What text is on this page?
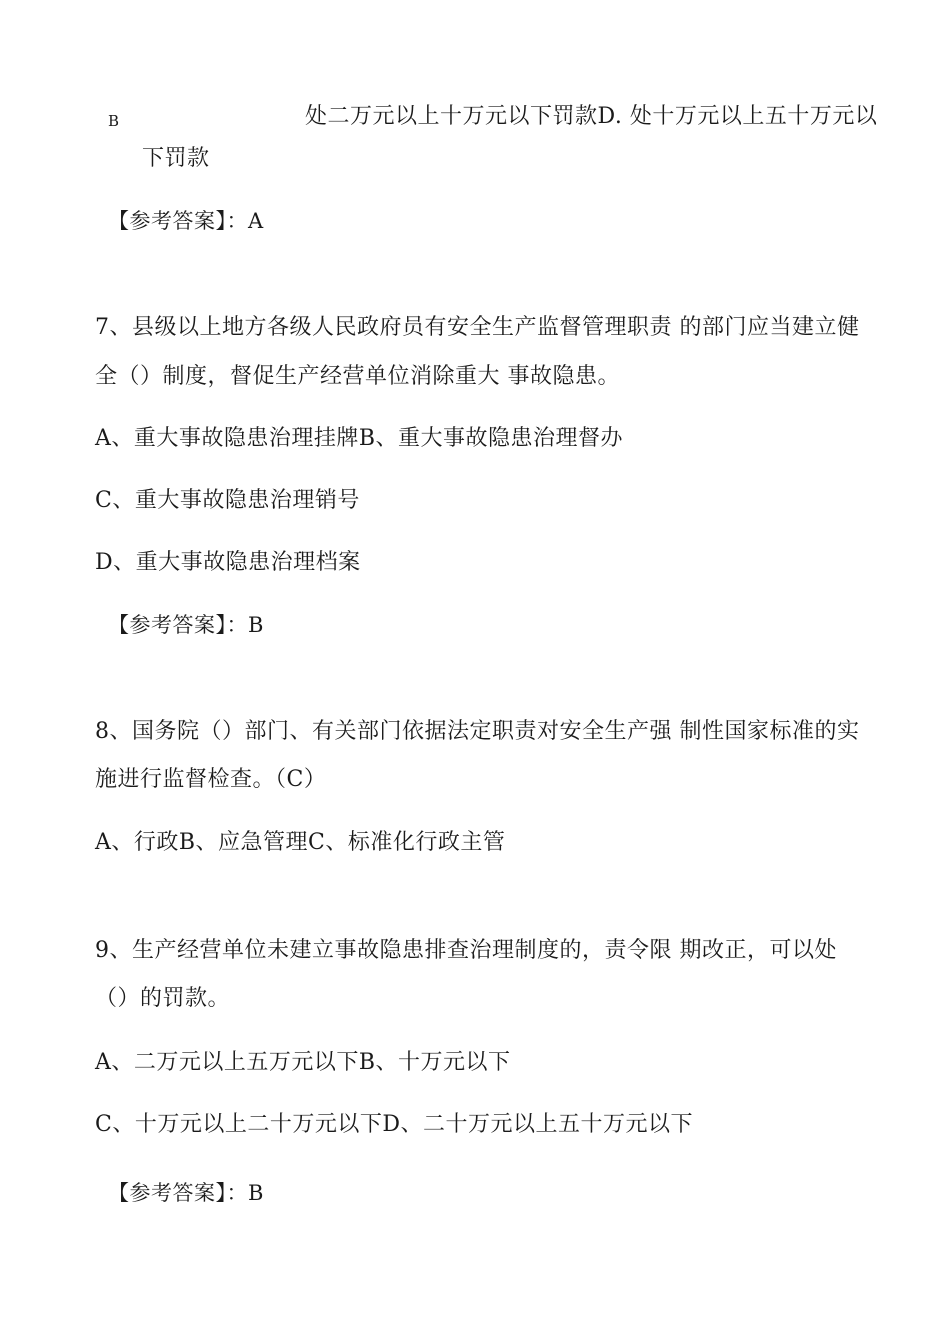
B	处二万元以上十万元以下罚款D. 处十万元以上五十万元以
下罚款
【参考答案】：A
7、县级以上地方各级人民政府员有安全生产监督管理职责 的部门应当建立健
全（）制度，督促生产经营单位消除重大 事故隐患。
A、重大事故隐患治理挂牌B、重大事故隐患治理督办
C、重大事故隐患治理销号
D、重大事故隐患治理档案
【参考答案】：B
8、国务院（）部门、有关部门依据法定职责对安全生产强 制性国家标准的实
施进行监督检查。（C）
A、行政B、应急管理C、标准化行政主管
9、生产经营单位未建立事故隐患排查治理制度的，责令限 期改正，可以处
（）的罚款。
A、二万元以上五万元以下B、十万元以下
C、十万元以上二十万元以下D、二十万元以上五十万元以下
【参考答案】：B
